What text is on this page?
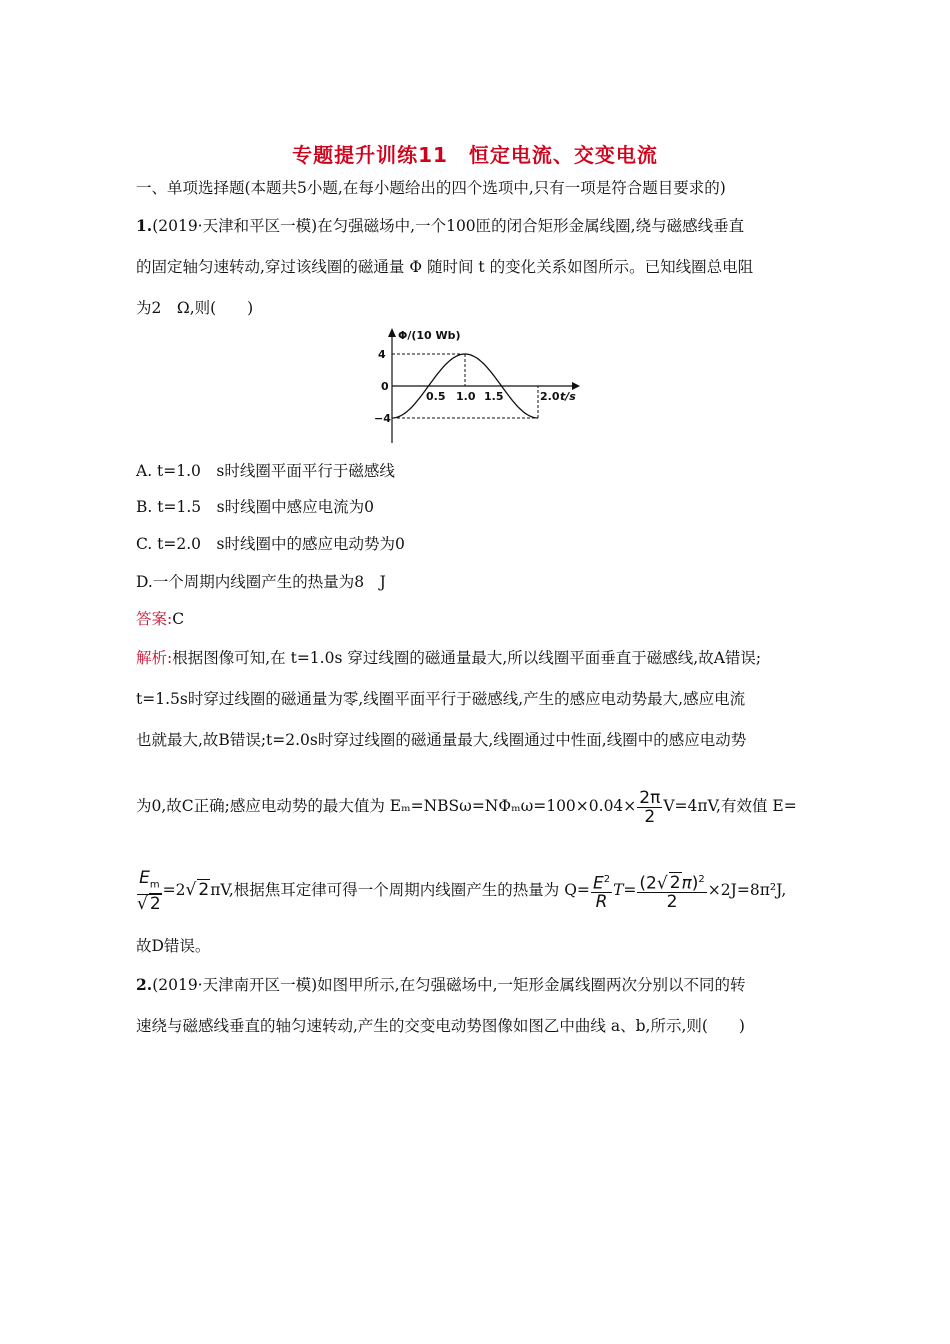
专题提升训练11　恒定电流、交变电流
一、单项选择题(本题共5小题,在每小题给出的四个选项中,只有一项是符合题目要求的)
1.(2019·天津和平区一模)在匀强磁场中,一个100匝的闭合矩形金属线圈,绕与磁感线垂直
的固定轴匀速转动,穿过该线圈的磁通量 Φ 随时间 t 的变化关系如图所示。已知线圈总电阻
为2　Ω,则(　　)
Φ/(10 Wb)
4
0
−4
0.5 1.0 1.5	2.0 t/s
A. t=1.0　s时线圈平面平行于磁感线
B. t=1.5　s时线圈中感应电流为0
C. t=2.0　s时线圈中的感应电动势为0
D.一个周期内线圈产生的热量为8　J
答案:C
解析:根据图像可知,在 t=1.0s 穿过线圈的磁通量最大,所以线圈平面垂直于磁感线,故A错误;
t=1.5s时穿过线圈的磁通量为零,线圈平面平行于磁感线,产生的感应电动势最大,感应电流
也就最大,故B错误;t=2.0s时穿过线圈的磁通量最大,线圈通过中性面,线圈中的感应电动势
为0,故C正确;感应电动势的最大值为 $E_m=NBS\omega=N\Phi_m\omega=100\times 0.04\times \frac{2\pi}{2} V=4\pi V$,有效值 E=
$\frac{E_m}{√ 2} =2√$ 2πV,根据焦耳定律可得一个周期内线圈产生的热量为 $Q= \frac{E^2}{R} T= \frac{(2√ 2\pi)^2}{2} \times 2J=8\pi^2J$,
故D错误。
2.(2019·天津南开区一模)如图甲所示,在匀强磁场中,一矩形金属线圈两次分别以不同的转
速绕与磁感线垂直的轴匀速转动,产生的交变电动势图像如图乙中曲线 a、b,所示,则(　　)
